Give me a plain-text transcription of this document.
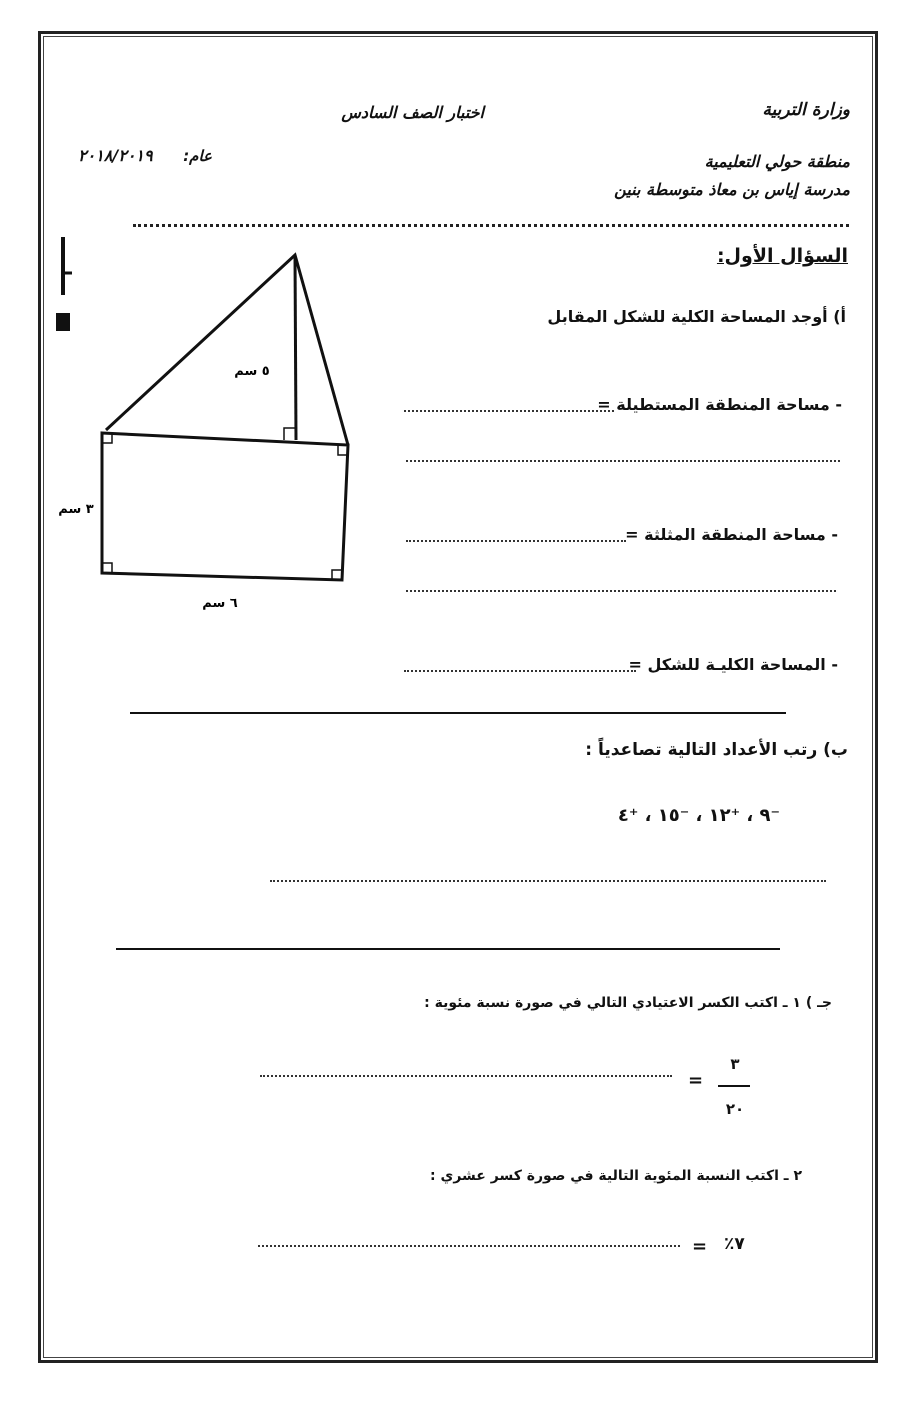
وزارة التربية
اختبار الصف السادس
منطقة حولي التعليمية
مدرسة إياس بن معاذ متوسطة بنين
عام:
٢٠١٨/٢٠١٩
السؤال الأول:
أ) أوجد المساحة الكلية للشكل المقابل
- مساحة المنطقة المستطيلة =
- مساحة المنطقة المثلثة =
- المساحة الكليـة للشكل =
٥ سم
٣ سم
٦ سم
ب) رتب الأعداد التالية تصاعدياً :
⁻٩ ، ⁺١٢ ، ⁻١٥ ، ⁺٤
جـ ) ١ ـ اكتب الكسر الاعتيادي التالي في صورة نسبة مئوية :
=
٣
٢٠
٢ ـ اكتب النسبة المئوية التالية في صورة كسر عشري :
= ٧٪
